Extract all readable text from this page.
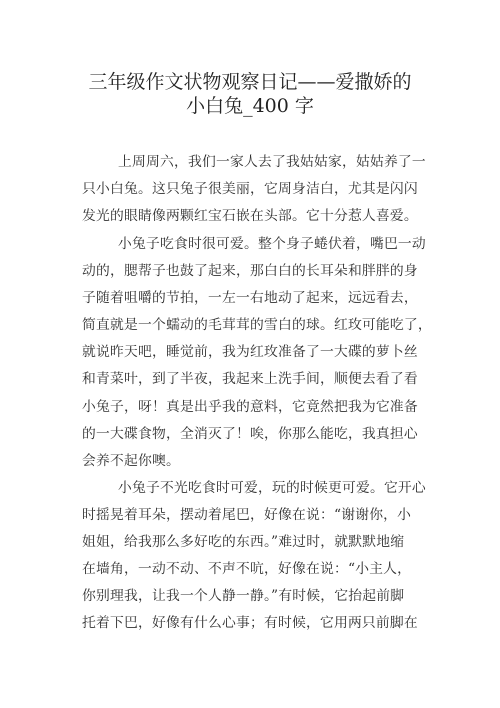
三年级作文状物观察日记——爱撒娇的
小白兔_400 字
上周周六，我们一家人去了我姑姑家，姑姑养了一
只小白兔。这只兔子很美丽，它周身洁白，尤其是闪闪
发光的眼睛像两颗红宝石嵌在头部。它十分惹人喜爱。
小兔子吃食时很可爱。整个身子蜷伏着，嘴巴一动
动的，腮帮子也鼓了起来，那白白的长耳朵和胖胖的身
子随着咀嚼的节拍，一左一右地动了起来，远远看去，
简直就是一个蠕动的毛茸茸的雪白的球。红玫可能吃了，
就说昨天吧，睡觉前，我为红玫准备了一大碟的萝卜丝
和青菜叶，到了半夜，我起来上洗手间，顺便去看了看
小兔子，呀！真是出乎我的意料，它竟然把我为它准备
的一大碟食物，全消灭了！唉，你那么能吃，我真担心
会养不起你噢。
小兔子不光吃食时可爱，玩的时候更可爱。它开心
时摇晃着耳朵，摆动着尾巴，好像在说：“谢谢你，小
姐姐，给我那么多好吃的东西。”难过时，就默默地缩
在墙角，一动不动、不声不吭，好像在说：“小主人，
你别理我，让我一个人静一静。”有时候，它抬起前脚
托着下巴，好像有什么心事；有时候，它用两只前脚在
